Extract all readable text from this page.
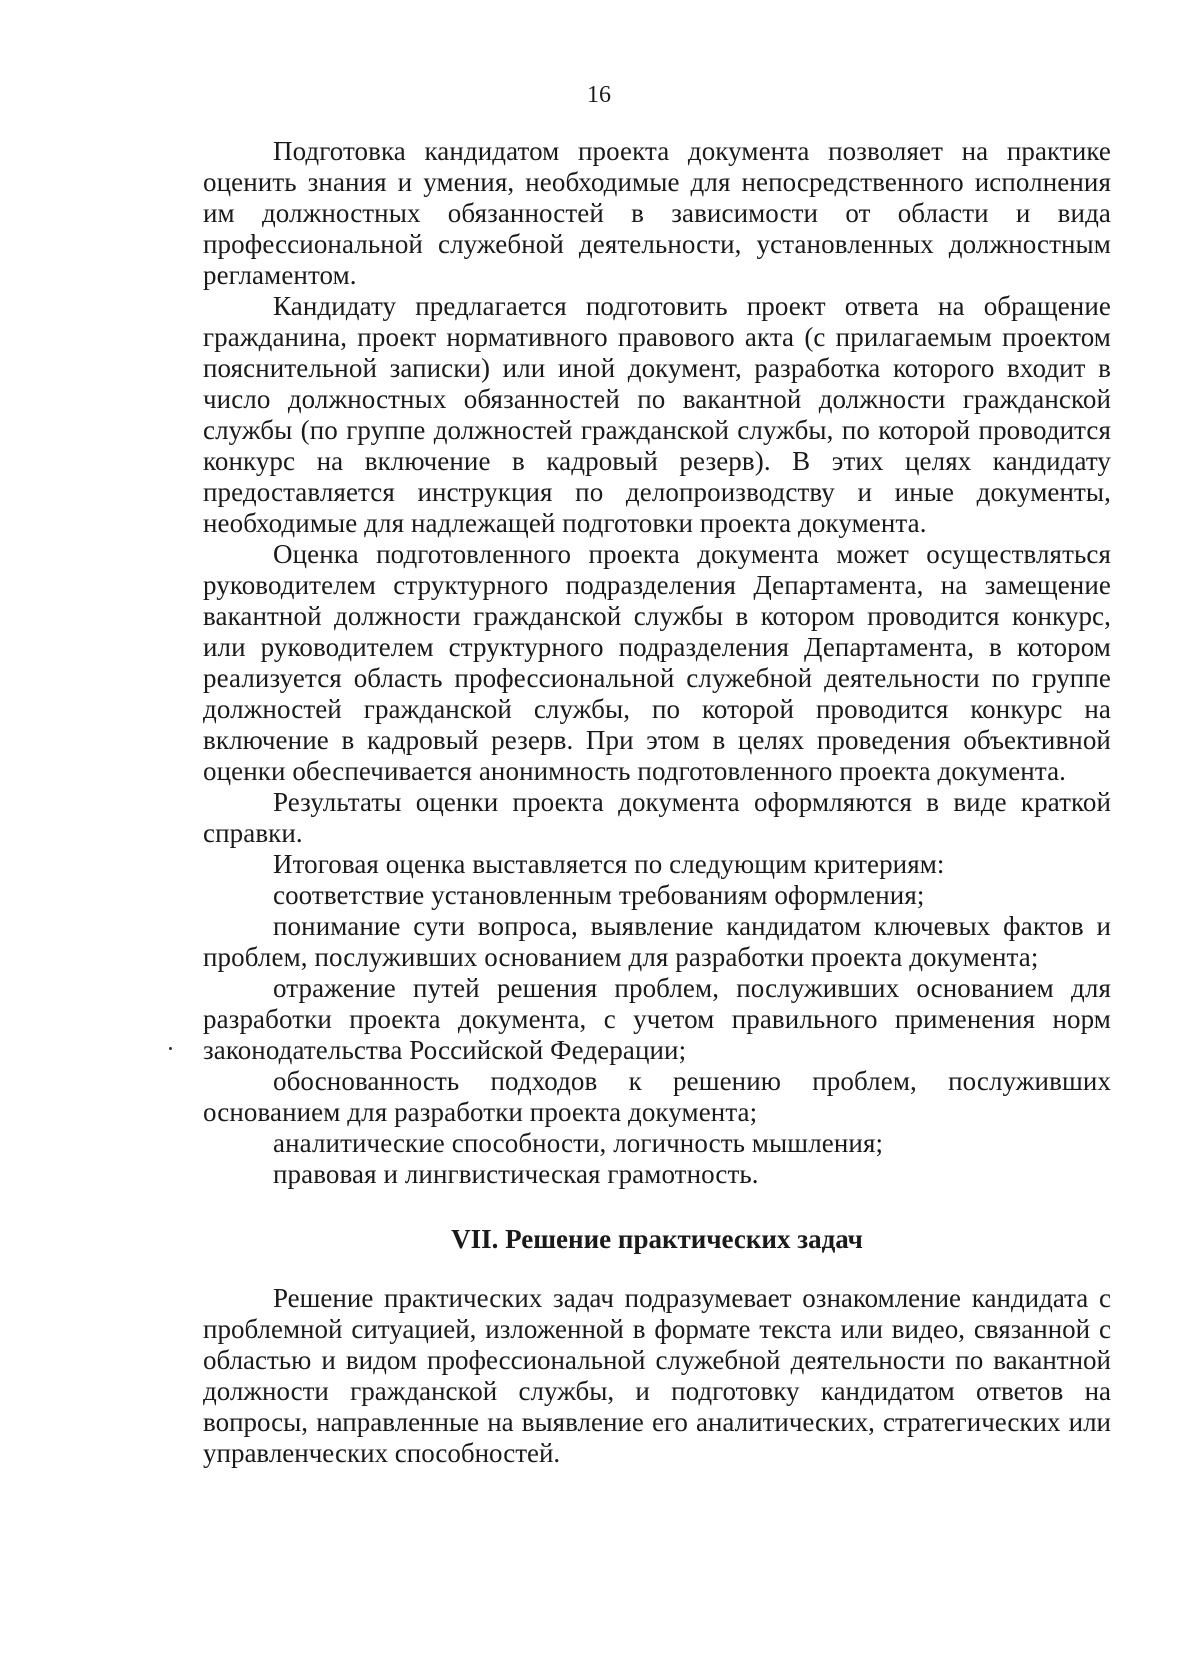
16

Подготовка кандидатом проекта документа позволяет на практике оценить знания и умения, необходимые для непосредственного исполнения им должностных обязанностей в зависимости от области и вида профессиональной служебной деятельности, установленных должностным регламентом.

Кандидату предлагается подготовить проект ответа на обращение гражданина, проект нормативного правового акта (с прилагаемым проектом пояснительной записки) или иной документ, разработка которого входит в число должностных обязанностей по вакантной должности гражданской службы (по группе должностей гражданской службы, по которой проводится конкурс на включение в кадровый резерв). В этих целях кандидату предоставляется инструкция по делопроизводству и иные документы, необходимые для надлежащей подготовки проекта документа.

Оценка подготовленного проекта документа может осуществляться руководителем структурного подразделения Департамента, на замещение вакантной должности гражданской службы в котором проводится конкурс, или руководителем структурного подразделения Департамента, в котором реализуется область профессиональной служебной деятельности по группе должностей гражданской службы, по которой проводится конкурс на включение в кадровый резерв. При этом в целях проведения объективной оценки обеспечивается анонимность подготовленного проекта документа.

Результаты оценки проекта документа оформляются в виде краткой справки.

Итоговая оценка выставляется по следующим критериям:

соответствие установленным требованиям оформления;

понимание сути вопроса, выявление кандидатом ключевых фактов и проблем, послуживших основанием для разработки проекта документа;

отражение путей решения проблем, послуживших основанием для разработки проекта документа, с учетом правильного применения норм законодательства Российской Федерации;

обоснованность подходов к решению проблем, послуживших основанием для разработки проекта документа;

аналитические способности, логичность мышления;

правовая и лингвистическая грамотность.

VII. Решение практических задач

Решение практических задач подразумевает ознакомление кандидата с проблемной ситуацией, изложенной в формате текста или видео, связанной с областью и видом профессиональной служебной деятельности по вакантной должности гражданской службы, и подготовку кандидатом ответов на вопросы, направленные на выявление его аналитических, стратегических или управленческих способностей.
